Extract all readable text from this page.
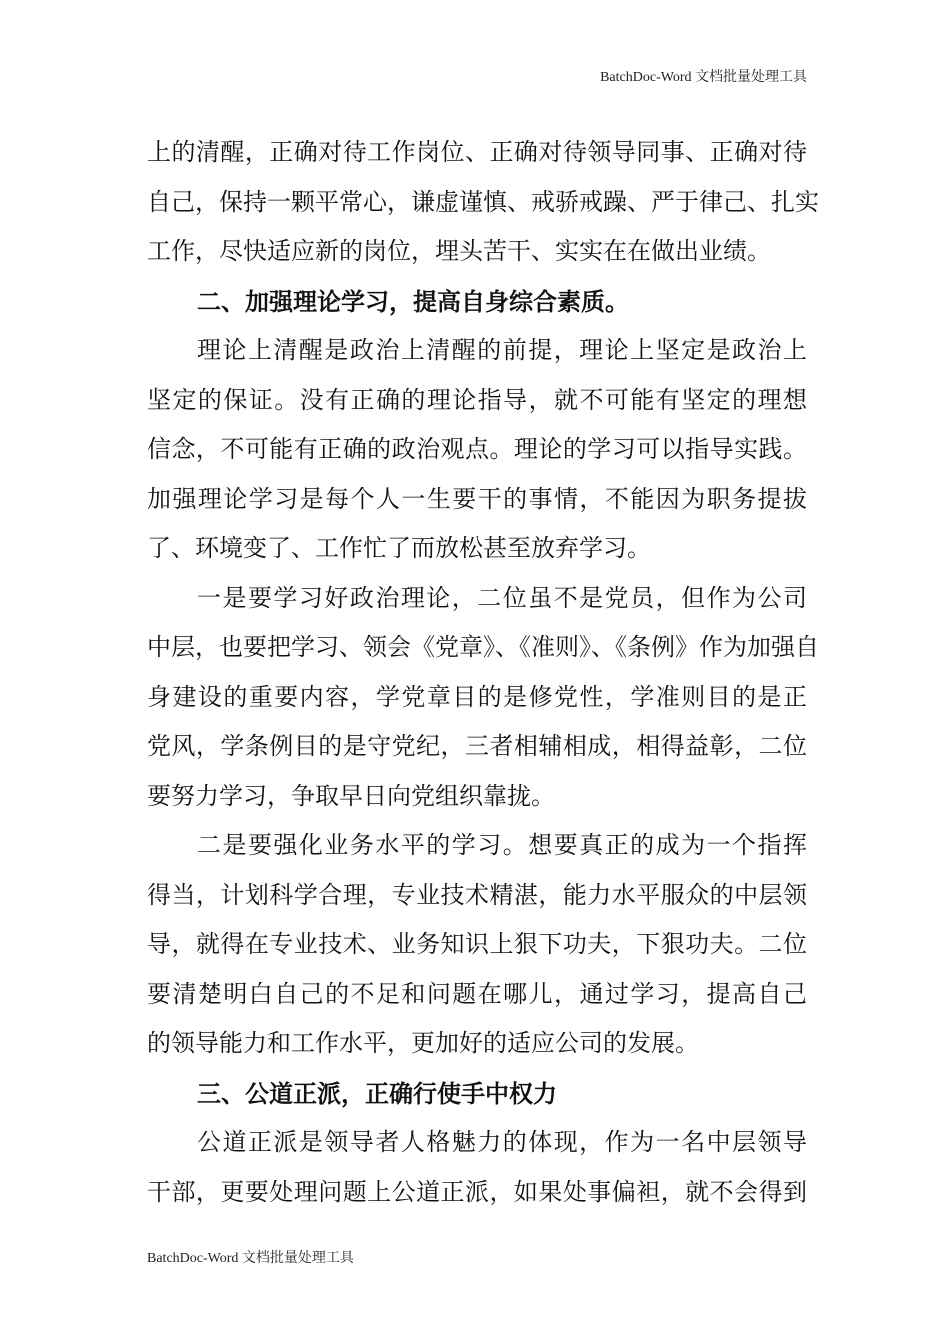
BatchDoc-Word 文档批量处理工具
上的清醒，正确对待工作岗位、正确对待领导同事、正确对待
自己，保持一颗平常心，谦虚谨慎、戒骄戒躁、严于律己、扎实
工作，尽快适应新的岗位，埋头苦干、实实在在做出业绩。
二、加强理论学习，提高自身综合素质。
理论上清醒是政治上清醒的前提，理论上坚定是政治上
坚定的保证。没有正确的理论指导，就不可能有坚定的理想
信念，不可能有正确的政治观点。理论的学习可以指导实践。
加强理论学习是每个人一生要干的事情，不能因为职务提拔
了、环境变了、工作忙了而放松甚至放弃学习。
一是要学习好政治理论，二位虽不是党员，但作为公司
中层，也要把学习、领会《党章》、《准则》、《条例》作为加强自
身建设的重要内容，学党章目的是修党性，学准则目的是正
党风，学条例目的是守党纪，三者相辅相成，相得益彰，二位
要努力学习，争取早日向党组织靠拢。
二是要强化业务水平的学习。想要真正的成为一个指挥
得当，计划科学合理，专业技术精湛，能力水平服众的中层领
导，就得在专业技术、业务知识上狠下功夫，下狠功夫。二位
要清楚明白自己的不足和问题在哪儿，通过学习，提高自己
的领导能力和工作水平，更加好的适应公司的发展。
三、公道正派，正确行使手中权力
公道正派是领导者人格魅力的体现，作为一名中层领导
干部，更要处理问题上公道正派，如果处事偏袒，就不会得到
BatchDoc-Word 文档批量处理工具
